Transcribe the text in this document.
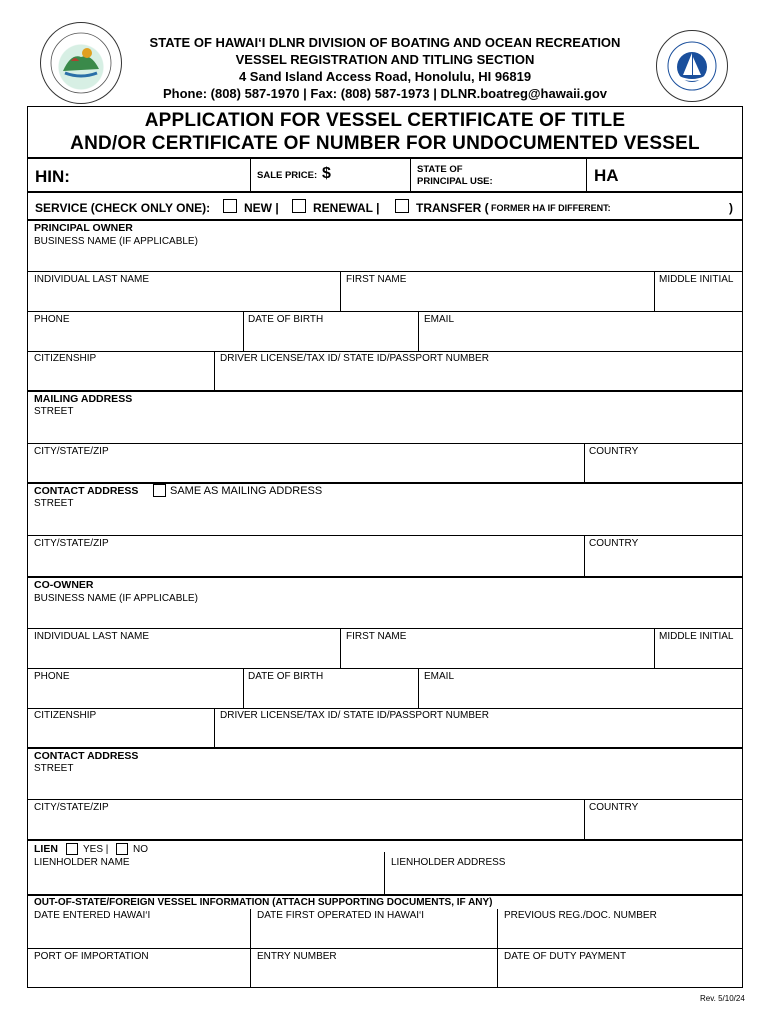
STATE OF HAWAI‘I DLNR DIVISION OF BOATING AND OCEAN RECREATION
VESSEL REGISTRATION AND TITLING SECTION
4 Sand Island Access Road, Honolulu, HI 96819
Phone: (808) 587-1970 | Fax: (808) 587-1973 | DLNR.boatreg@hawaii.gov
APPLICATION FOR VESSEL CERTIFICATE OF TITLE
AND/OR CERTIFICATE OF NUMBER FOR UNDOCUMENTED VESSEL
HIN:	SALE PRICE: $	STATE OF
PRINCIPAL USE:	HA
SERVICE (CHECK ONLY ONE):	NEW |	RENEWAL |	TRANSFER ( FORMER HA IF DIFFERENT:	)
PRINCIPAL OWNER
BUSINESS NAME (IF APPLICABLE)
INDIVIDUAL LAST NAME	FIRST NAME	MIDDLE INITIAL
PHONE	DATE OF BIRTH	EMAIL
CITIZENSHIP	DRIVER LICENSE/TAX ID/ STATE ID/PASSPORT NUMBER
MAILING ADDRESS
STREET
CITY/STATE/ZIP	COUNTRY
CONTACT ADDRESS	SAME AS MAILING ADDRESS
STREET
CITY/STATE/ZIP	COUNTRY
CO-OWNER
BUSINESS NAME (IF APPLICABLE)
INDIVIDUAL LAST NAME	FIRST NAME	MIDDLE INITIAL
PHONE	DATE OF BIRTH	EMAIL
CITIZENSHIP	DRIVER LICENSE/TAX ID/ STATE ID/PASSPORT NUMBER
CONTACT ADDRESS
STREET
CITY/STATE/ZIP	COUNTRY
LIEN	YES | NO
LIENHOLDER NAME	LIENHOLDER ADDRESS
OUT-OF-STATE/FOREIGN VESSEL INFORMATION (ATTACH SUPPORTING DOCUMENTS, IF ANY)
DATE ENTERED HAWAI‘I	DATE FIRST OPERATED IN HAWAI‘I	PREVIOUS REG./DOC. NUMBER
PORT OF IMPORTATION	ENTRY NUMBER	DATE OF DUTY PAYMENT
Rev. 5/10/24
